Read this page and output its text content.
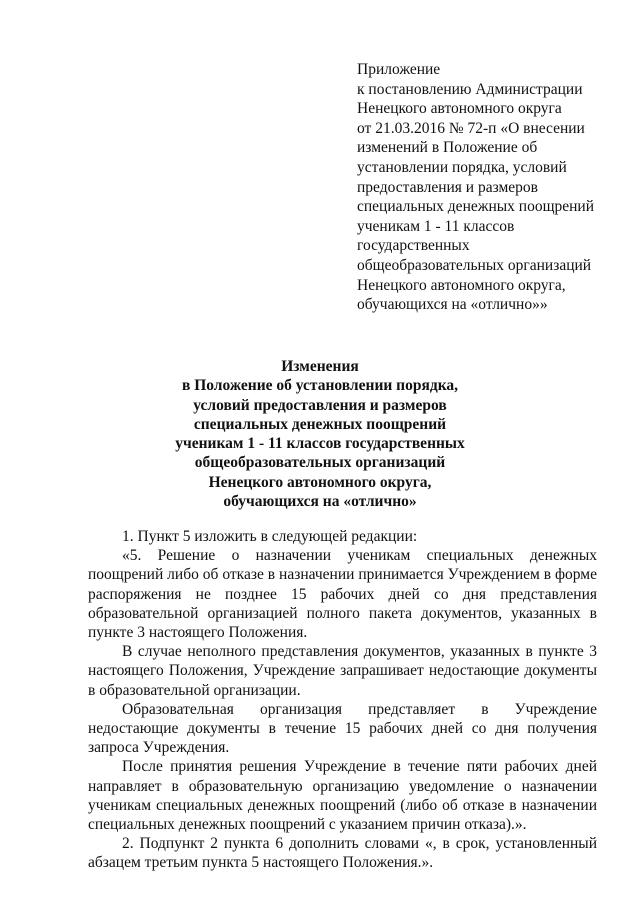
Приложение
к постановлению Администрации
Ненецкого автономного округа
от 21.03.2016 № 72-п «О внесении
изменений в Положение об
установлении порядка, условий
предоставления и размеров
специальных денежных поощрений
ученикам 1 - 11 классов
государственных
общеобразовательных организаций
Ненецкого автономного округа,
обучающихся на «отлично»»
Изменения
в Положение об установлении порядка,
условий предоставления и размеров
специальных денежных поощрений
ученикам 1 - 11 классов государственных
общеобразовательных организаций
Ненецкого автономного округа,
обучающихся на «отлично»

1. Пункт 5 изложить в следующей редакции:

«5. Решение о назначении ученикам специальных денежных поощрений либо об отказе в назначении принимается Учреждением в форме распоряжения не позднее 15 рабочих дней со дня представления образовательной организацией полного пакета документов, указанных в пункте 3 настоящего Положения.

В случае неполного представления документов, указанных в пункте 3 настоящего Положения, Учреждение запрашивает недостающие документы в образовательной организации.

Образовательная организация представляет в Учреждение недостающие документы в течение 15 рабочих дней со дня получения запроса Учреждения.

После принятия решения Учреждение в течение пяти рабочих дней направляет в образовательную организацию уведомление о назначении ученикам специальных денежных поощрений (либо об отказе в назначении специальных денежных поощрений с указанием причин отказа).».

2. Подпункт 2 пункта 6 дополнить словами «, в срок, установленный абзацем третьим пункта 5 настоящего Положения.».
